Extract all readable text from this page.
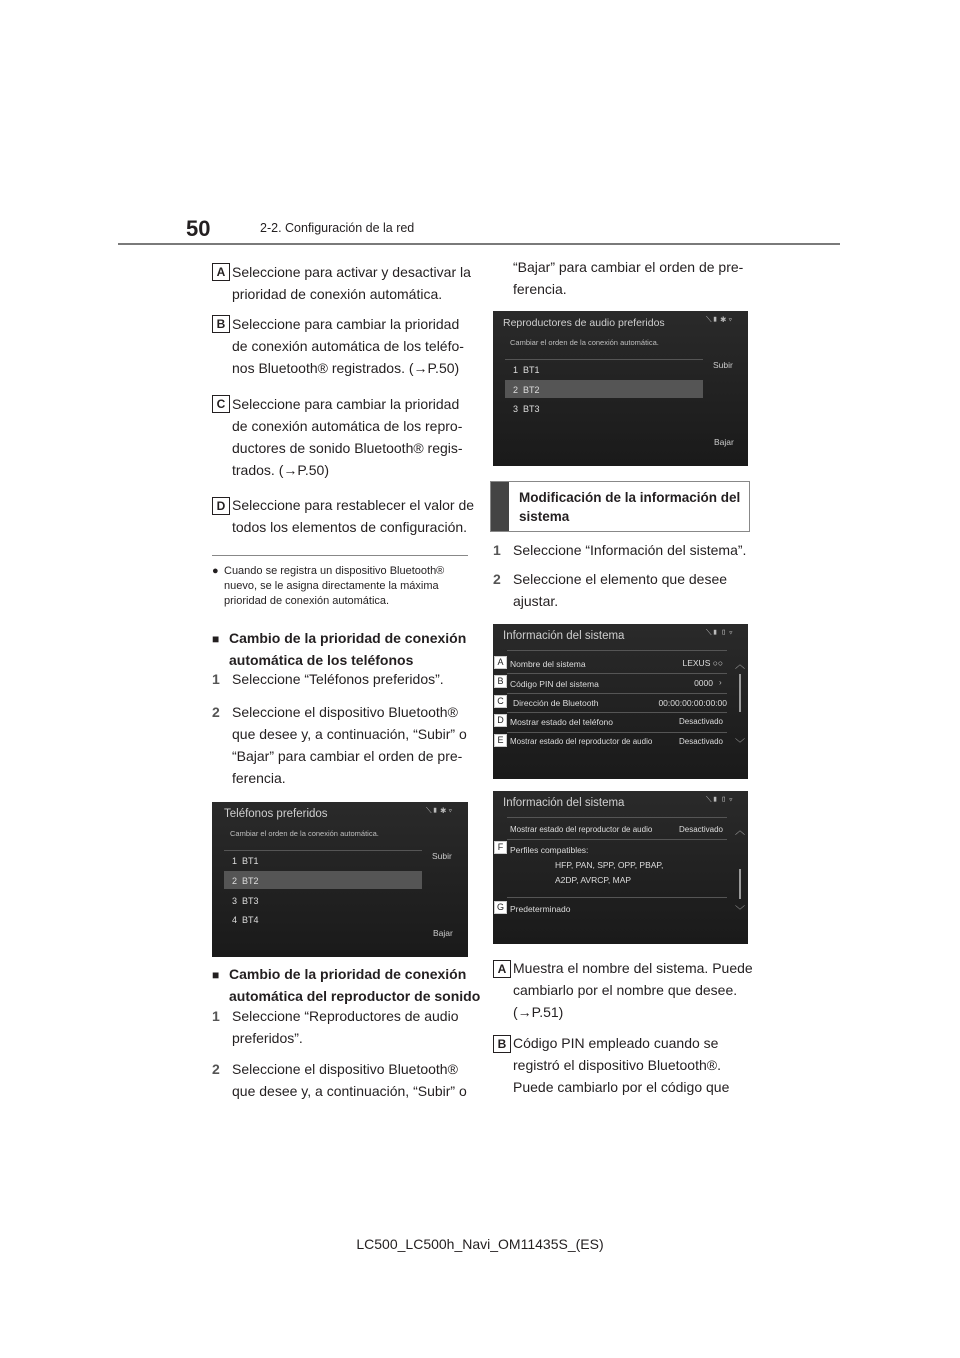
50	2-2. Configuración de la red
A Seleccione para activar y desactivar la
prioridad de conexión automática.
B Seleccione para cambiar la prioridad
de conexión automática de los teléfo-
nos Bluetooth® registrados. (→P.50)
C Seleccione para cambiar la prioridad
de conexión automática de los repro-
ductores de sonido Bluetooth® regis-
trados. (→P.50)
D Seleccione para restablecer el valor de
todos los elementos de configuración.
● Cuando se registra un dispositivo Bluetooth®
nuevo, se le asigna directamente la máxima
prioridad de conexión automática.
■ Cambio de la prioridad de conexión
automática de los teléfonos
1 Seleccione “Teléfonos preferidos”.
2 Seleccione el dispositivo Bluetooth®
que desee y, a continuación, “Subir” o
“Bajar” para cambiar el orden de pre-
ferencia.
Teléfonos preferidos	⟍▮ ✱ ▿
Cambiar el orden de la conexión automática.
1 BT1
2 BT2
3 BT3
4 BT4
Subir
Bajar
■ Cambio de la prioridad de conexión
automática del reproductor de sonido
1 Seleccione “Reproductores de audio
preferidos”.
2 Seleccione el dispositivo Bluetooth®
que desee y, a continuación, “Subir” o
“Bajar” para cambiar el orden de pre-
ferencia.
Reproductores de audio preferidos	⟍▮ ✱ ▿
Cambiar el orden de la conexión automática.
1 BT1
2 BT2
3 BT3
Subir
Bajar
Modificación de la información del
sistema
1 Seleccione “Información del sistema”.
2 Seleccione el elemento que desee
ajustar.
Información del sistema	⟍▮ ▯ ▿
A Nombre del sistema	LEXUS ○○ ︿
B Código PIN del sistema	0000 ›
C	Dirección de Bluetooth	00:00:00:00:00:00
D Mostrar estado del teléfono	Desactivado
E Mostrar estado del reproductor de audio	Desactivado ﹀
Información del sistema	⟍▮ ▯ ▿
Mostrar estado del reproductor de audio	Desactivado ︿
F Perfiles compatibles:
HFP, PAN, SPP, OPP, PBAP,
A2DP, AVRCP, MAP
G Predeterminado	﹀
A Muestra el nombre del sistema. Puede
cambiarlo por el nombre que desee.
(→P.51)
B Código PIN empleado cuando se
registró el dispositivo Bluetooth®.
Puede cambiarlo por el código que
LC500_LC500h_Navi_OM11435S_(ES)
